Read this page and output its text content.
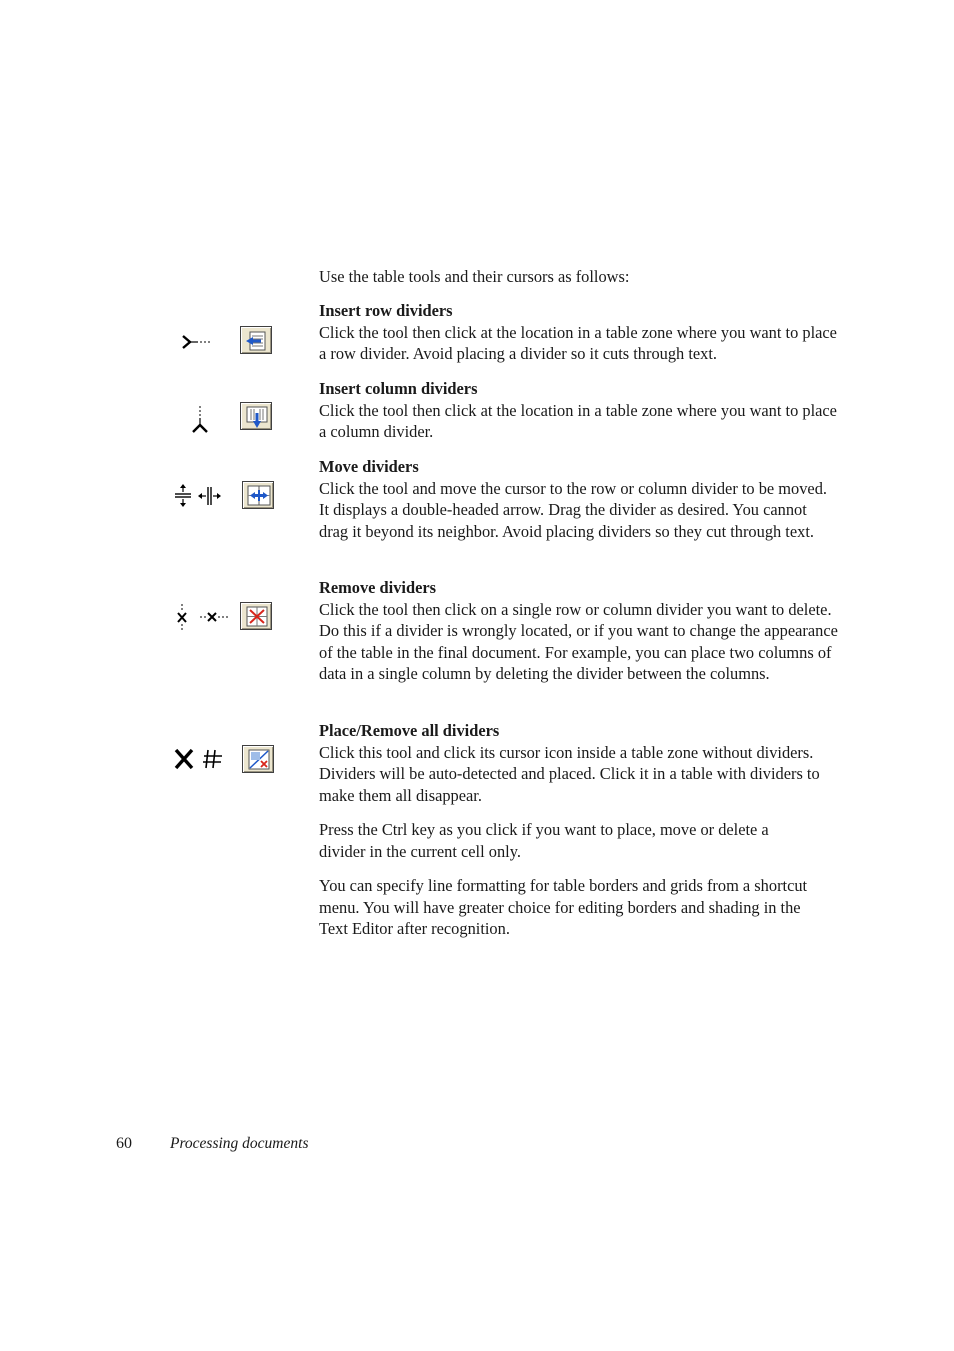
Use the table tools and their cursors as follows:
Insert row dividers
Click the tool then click at the location in a table zone where you want to place a row divider. Avoid placing a divider so it cuts through text.
Insert column dividers
Click the tool then click at the location in a table zone where you want to place a column divider.
Move dividers
Click the tool and move the cursor to the row or column divider to be moved. It displays a double-headed arrow. Drag the divider as desired. You cannot drag it beyond its neighbor. Avoid placing dividers so they cut through text.
Remove dividers
Click the tool then click on a single row or column divider you want to delete. Do this if a divider is wrongly located, or if you want to change the appearance of the table in the final document. For example, you can place two columns of data in a single column by deleting the divider between the columns.
Place/Remove all dividers
Click this tool and click its cursor icon inside a table zone without dividers. Dividers will be auto-detected and placed. Click it in a table with dividers to make them all disappear.
Press the Ctrl key as you click if you want to place, move or delete a divider in the current cell only.
You can specify line formatting for table borders and grids from a shortcut menu. You will have greater choice for editing borders and shading in the Text Editor after recognition.
60 Processing documents
